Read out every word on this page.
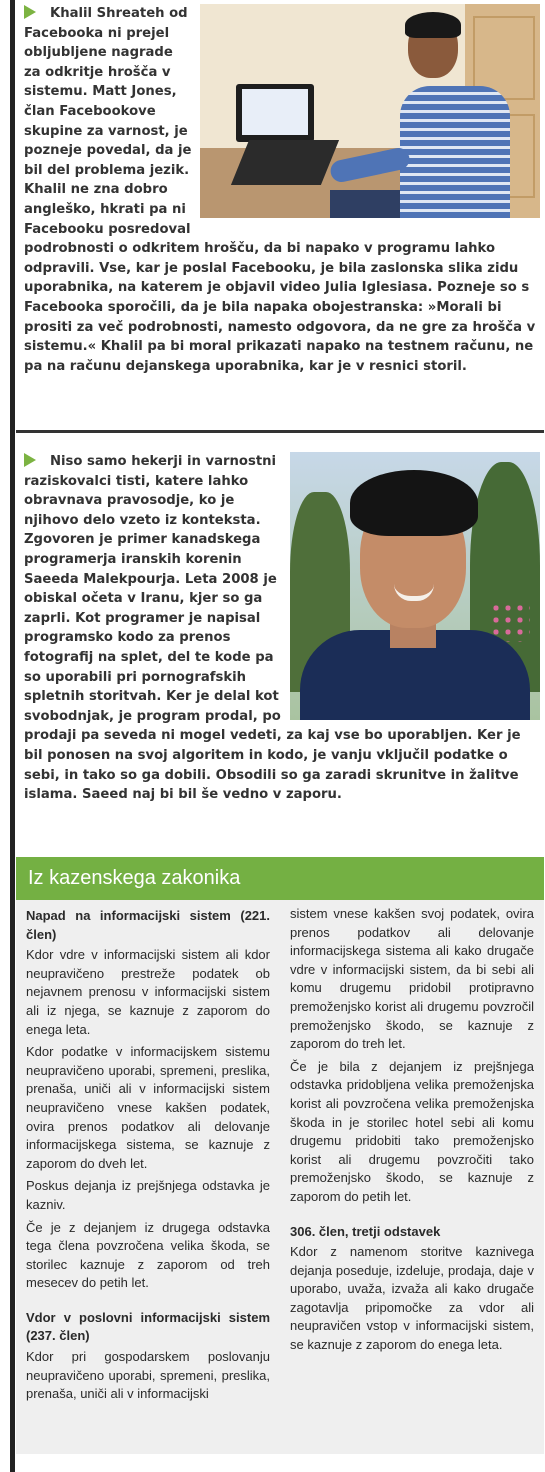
Khalil Shreateh od Facebooka ni prejel obljubljene nagrade za odkritje hrošča v sistemu. Matt Jones, član Facebookove skupine za varnost, je pozneje povedal, da je bil del problema jezik. Khalil ne zna dobro angleško, hkrati pa ni Facebooku posredoval podrobnosti o odkritem hrošču, da bi napako v programu lahko odpravili. Vse, kar je poslal Facebooku, je bila zaslonska slika zidu uporabnika, na katerem je objavil video Julia Iglesiasa. Pozneje so s Facebooka sporočili, da je bila napaka obojestranska: »Morali bi prositi za več podrobnosti, namesto odgovora, da ne gre za hrošča v sistemu.« Khalil pa bi moral prikazati napako na testnem računu, ne pa na računu dejanskega uporabnika, kar je v resnici storil.

Niso samo hekerji in varnostni raziskovalci tisti, katere lahko obravnava pravosodje, ko je njihovo delo vzeto iz konteksta. Zgovoren je primer kanadskega programerja iranskih korenin Saeeda Malekpourja. Leta 2008 je obiskal očeta v Iranu, kjer so ga zaprli. Kot programer je napisal programsko kodo za prenos fotografij na splet, del te kode pa so uporabili pri pornografskih spletnih storitvah. Ker je delal kot svobodnjak, je program prodal, po prodaji pa seveda ni mogel vedeti, za kaj vse bo uporabljen. Ker je bil ponosen na svoj algoritem in kodo, je vanju vključil podatke o sebi, in tako so ga dobili. Obsodili so ga zaradi skrunitve in žalitve islama. Saeed naj bi bil še vedno v zaporu.

Iz kazenskega zakonika

Napad na informacijski sistem (221. člen)

Kdor vdre v informacijski sistem ali kdor neupravičeno prestreže podatek ob nejavnem prenosu v informacijski sistem ali iz njega, se kaznuje z zaporom do enega leta.

Kdor podatke v informacijskem sistemu neupravičeno uporabi, spremeni, preslika, prenaša, uniči ali v informacijski sistem neupravičeno vnese kakšen podatek, ovira prenos podatkov ali delovanje informacijskega sistema, se kaznuje z zaporom do dveh let.

Poskus dejanja iz prejšnjega odstavka je kazniv.

Če je z dejanjem iz drugega odstavka tega člena povzročena velika škoda, se storilec kaznuje z zaporom od treh mesecev do petih let.

Vdor v poslovni informacijski sistem (237. člen)

Kdor pri gospodarskem poslovanju neupravičeno uporabi, spremeni, preslika, prenaša, uniči ali v informacijski

sistem vnese kakšen svoj podatek, ovira prenos podatkov ali delovanje informacijskega sistema ali kako drugače vdre v informacijski sistem, da bi sebi ali komu drugemu pridobil protipravno premoženjsko korist ali drugemu povzročil premoženjsko škodo, se kaznuje z zaporom do treh let.

Če je bila z dejanjem iz prejšnjega odstavka pridobljena velika premoženjska korist ali povzročena velika premoženjska škoda in je storilec hotel sebi ali komu drugemu pridobiti tako premoženjsko korist ali drugemu povzročiti tako premoženjsko škodo, se kaznuje z zaporom do petih let.

306. člen, tretji odstavek

Kdor z namenom storitve kaznivega dejanja poseduje, izdeluje, prodaja, daje v uporabo, uvaža, izvaža ali kako drugače zagotavlja pripomočke za vdor ali neupravičen vstop v informacijski sistem, se kaznuje z zaporom do enega leta.
